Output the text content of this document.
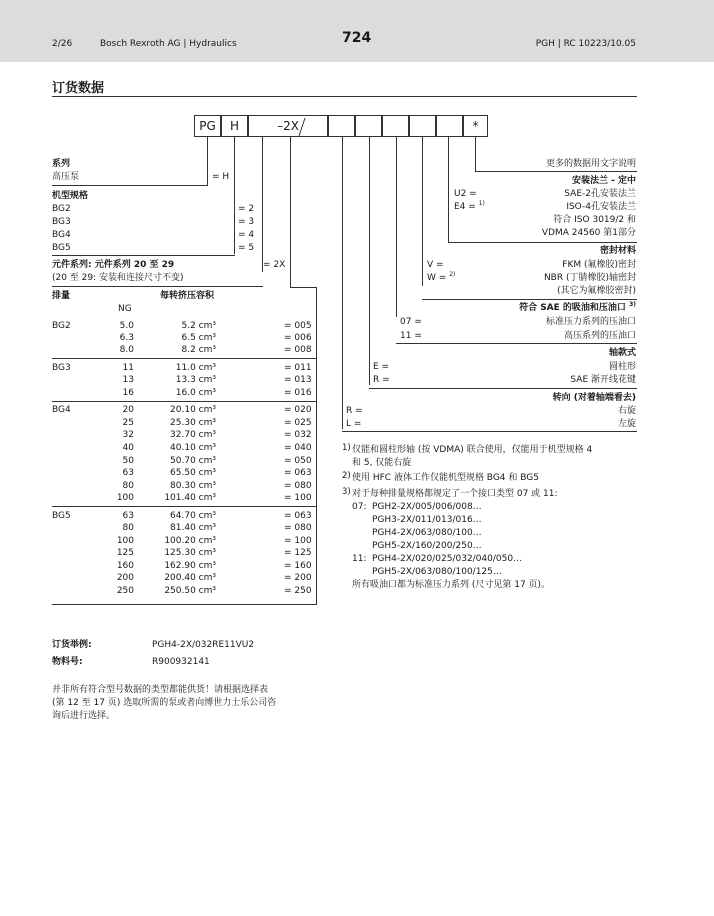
2/26	Bosch Rexroth AG | Hydraulics	724	PGH | RC 10223/10.05
订货数据
PG	H	–2X	*
系列
高压泵	= H
机型规格
BG2	= 2
BG3	= 3
BG4	= 4
BG5	= 5
元件系列: 元件系列 20 至 29	= 2X
(20 至 29: 安装和连接尺寸不变)
排量	每转挤压容积
NG
BG2	5.0	5.2 cm³	= 005
6.3	6.5 cm³	= 006
8.0	8.2 cm³	= 008
BG3	11	11.0 cm³	= 011
13	13.3 cm³	= 013
16	16.0 cm³	= 016
BG4	20	20.10 cm³	= 020
25	25.30 cm³	= 025
32	32.70 cm³	= 032
40	40.10 cm³	= 040
50	50.70 cm³	= 050
63	65.50 cm³	= 063
80	80.30 cm³	= 080
100	101.40 cm³	= 100
BG5	63	64.70 cm³	= 063
80	81.40 cm³	= 080
100	100.20 cm³	= 100
125	125.30 cm³	= 125
160	162.90 cm³	= 160
200	200.40 cm³	= 200
250	250.50 cm³	= 250
更多的数据用文字说明
安装法兰 - 定中
U2 =	SAE-2孔安装法兰
E4 = $^{1)}$	ISO-4孔安装法兰
符合 ISO 3019/2 和
VDMA 24560 第1部分
密封材料
V =	FKM (氟橡胶)密封
W = $^{2)}$	NBR (丁腈橡胶)轴密封
(其它为氟橡胶密封)
符合 SAE 的吸油和压油口 $^{3)}$
07 =	标准压力系列的压油口
11 =	高压系列的压油口
轴款式
E =	圆柱形
R =	SAE 渐开线花键
转向 (对着轴端看去)
R =	右旋
L =	左旋
1) 仅能和圆柱形轴 (按 VDMA) 联合使用，仅能用于机型规格 4
和 5, 仅能右旋
2) 使用 HFC 液体工作仅能机型规格 BG4 和 BG5
3) 对于每种排量规格都规定了一个接口类型 07 或 11:
07: PGH2-2X/005/006/008…
PGH3-2X/011/013/016…
PGH4-2X/063/080/100…
PGH5-2X/160/200/250…
11: PGH4-2X/020/025/032/040/050…
PGH5-2X/063/080/100/125…
所有吸油口都为标准压力系列 (尺寸见第 17 页)。
订货举例:	PGH4-2X/032RE11VU2
物料号:	R900932141
并非所有符合型号数据的类型都能供货！请根据选择表
(第 12 至 17 页) 选取所需的泵或者向博世力士乐公司咨
询后进行选择。
